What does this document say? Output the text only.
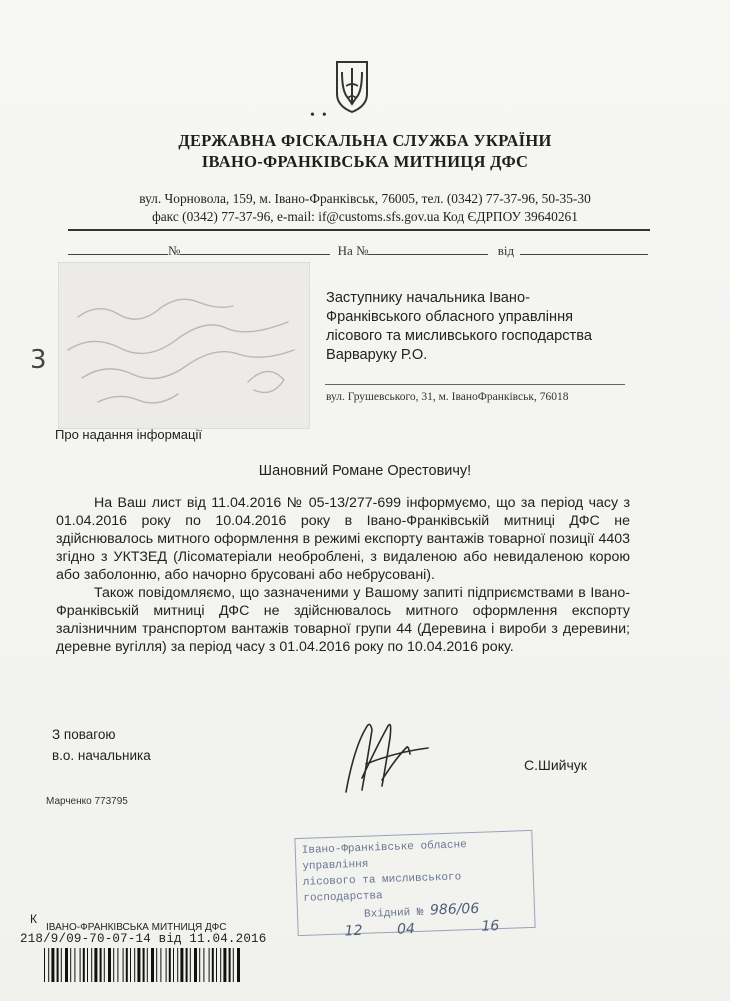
•  •
ДЕРЖАВНА ФІСКАЛЬНА СЛУЖБА УКРАЇНИ
ІВАНО-ФРАНКІВСЬКА МИТНИЦЯ ДФС
вул. Чорновола, 159, м. Івано-Франківськ, 76005, тел. (0342) 77-37-96, 50-35-30
факс (0342) 77-37-96, e-mail: if@customs.sfs.gov.ua Код ЄДРПОУ 39640261
№	На №	від
3
Заступнику начальника Івано-Франківського обласного управління лісового та мисливського господарства Варваруку Р.О.
вул. Грушевського, 31, м. ІваноФранківськ, 76018
Про надання інформації
Шановний Романе Орестовичу!

На Ваш лист від 11.04.2016 № 05-13/277-699 інформуємо, що за період часу з 01.04.2016 року по 10.04.2016 року в Івано-Франківській митниці ДФС не здійснювалось митного оформлення в режимі експорту вантажів товарної позиції 4403 згідно з УКТЗЕД (Лісоматеріали необроблені, з видаленою або невидаленою корою або заболонню, або начорно брусовані або небрусовані).

Також повідомляємо, що зазначеними у Вашому запиті підприємствами в Івано-Франківській митниці ДФС не здійснювалось митного оформлення експорту залізничним транспортом вантажів товарної групи 44 (Деревина і вироби з деревини; деревне вугілля) за період часу з 01.04.2016 року по 10.04.2016 року.

З повагою
в.о. начальника
С.Шийчук
Марченко 773795
Івано-Франківське обласне управління
лісового та мисливського господарства
Вхідний № 986/06
12 04	16
К
ІВАНО-ФРАНКІВСЬКА МИТНИЦЯ ДФС
218/9/09-70-07-14 від 11.04.2016
